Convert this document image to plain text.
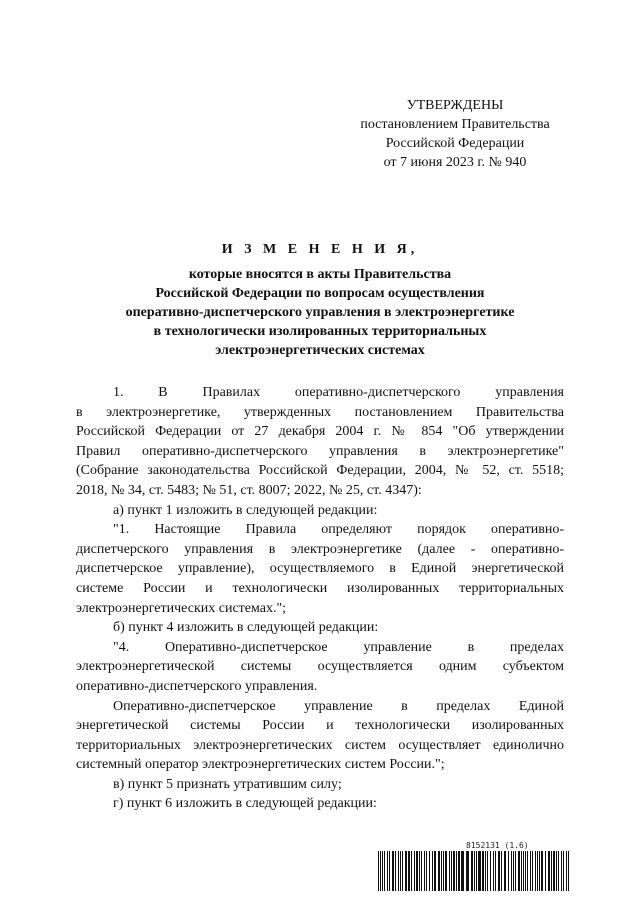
УТВЕРЖДЕНЫ
постановлением Правительства
Российской Федерации
от 7 июня 2023 г. № 940
И З М Е Н Е Н И Я,
которые вносятся в акты Правительства
Российской Федерации по вопросам осуществления
оперативно-диспетчерского управления в электроэнергетике
в технологически изолированных территориальных
электроэнергетических системах

1. В Правилах оперативно-диспетчерского управления

в электроэнергетике, утвержденных постановлением Правительства

Российской Федерации от 27 декабря 2004 г. № 854 "Об утверждении

Правил оперативно-диспетчерского управления в электроэнергетике"

(Собрание законодательства Российской Федерации, 2004, № 52, ст. 5518;

2018, № 34, ст. 5483; № 51, ст. 8007; 2022, № 25, ст. 4347):

а) пункт 1 изложить в следующей редакции:

"1. Настоящие Правила определяют порядок оперативно-

диспетчерского управления в электроэнергетике (далее - оперативно-

диспетчерское управление), осуществляемого в Единой энергетической

системе России и технологически изолированных территориальных

электроэнергетических системах.";

б) пункт 4 изложить в следующей редакции:

"4. Оперативно-диспетчерское управление в пределах

электроэнергетической системы осуществляется одним субъектом

оперативно-диспетчерского управления.

Оперативно-диспетчерское управление в пределах Единой

энергетической системы России и технологически изолированных

территориальных электроэнергетических систем осуществляет единолично

системный оператор электроэнергетических систем России.";

в) пункт 5 признать утратившим силу;

г) пункт 6 изложить в следующей редакции:

8152131 (1.6)
